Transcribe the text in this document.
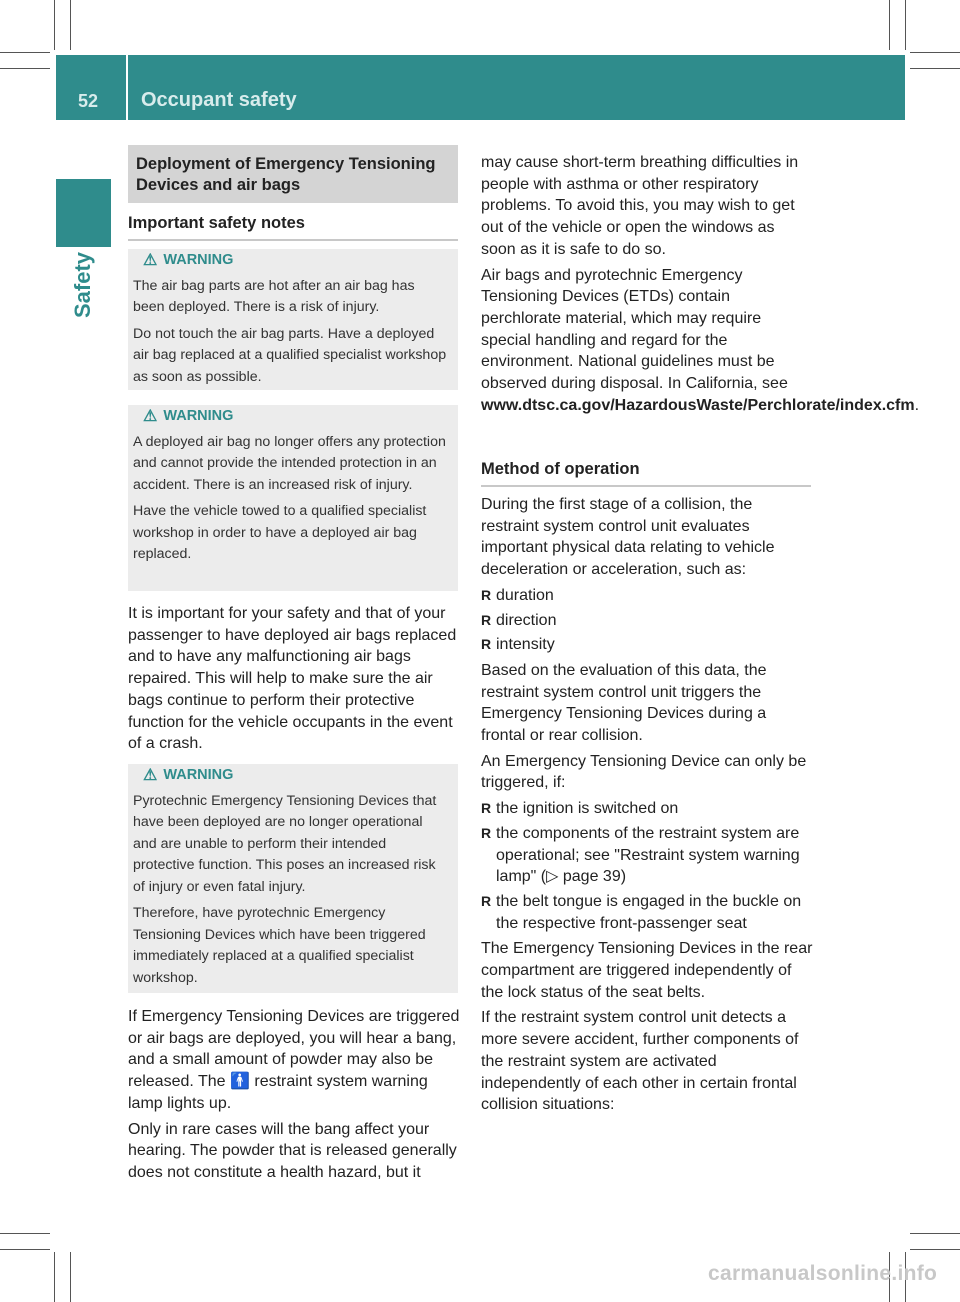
52 Occupant safety
Safety
Deployment of Emergency Tensioning Devices and air bags
Important safety notes
⚠ WARNING

The air bag parts are hot after an air bag has been deployed. There is a risk of injury.

Do not touch the air bag parts. Have a deployed air bag replaced at a qualified specialist workshop as soon as possible.

⚠ WARNING

A deployed air bag no longer offers any protection and cannot provide the intended protection in an accident. There is an increased risk of injury.

Have the vehicle towed to a qualified specialist workshop in order to have a deployed air bag replaced.

It is important for your safety and that of your passenger to have deployed air bags replaced and to have any malfunctioning air bags repaired. This will help to make sure the air bags continue to perform their protective function for the vehicle occupants in the event of a crash.

⚠ WARNING

Pyrotechnic Emergency Tensioning Devices that have been deployed are no longer operational and are unable to perform their intended protective function. This poses an increased risk of injury or even fatal injury.

Therefore, have pyrotechnic Emergency Tensioning Devices which have been triggered immediately replaced at a qualified specialist workshop.

If Emergency Tensioning Devices are triggered or air bags are deployed, you will hear a bang, and a small amount of powder may also be released. The 🚹 restraint system warning lamp lights up.

Only in rare cases will the bang affect your hearing. The powder that is released generally does not constitute a health hazard, but it

may cause short-term breathing difficulties in people with asthma or other respiratory problems. To avoid this, you may wish to get out of the vehicle or open the windows as soon as it is safe to do so.

Air bags and pyrotechnic Emergency Tensioning Devices (ETDs) contain perchlorate material, which may require special handling and regard for the environment. National guidelines must be observed during disposal. In California, see www.dtsc.ca.gov/HazardousWaste/Perchlorate/index.cfm.

Method of operation

During the first stage of a collision, the restraint system control unit evaluates important physical data relating to vehicle deceleration or acceleration, such as:

R duration
R direction
R intensity

Based on the evaluation of this data, the restraint system control unit triggers the Emergency Tensioning Devices during a frontal or rear collision.

An Emergency Tensioning Device can only be triggered, if:

R the ignition is switched on
R the components of the restraint system are operational; see "Restraint system warning lamp" (▷ page 39)
R the belt tongue is engaged in the buckle on the respective front-passenger seat

The Emergency Tensioning Devices in the rear compartment are triggered independently of the lock status of the seat belts.

If the restraint system control unit detects a more severe accident, further components of the restraint system are activated independently of each other in certain frontal collision situations:

carmanualsonline.info
